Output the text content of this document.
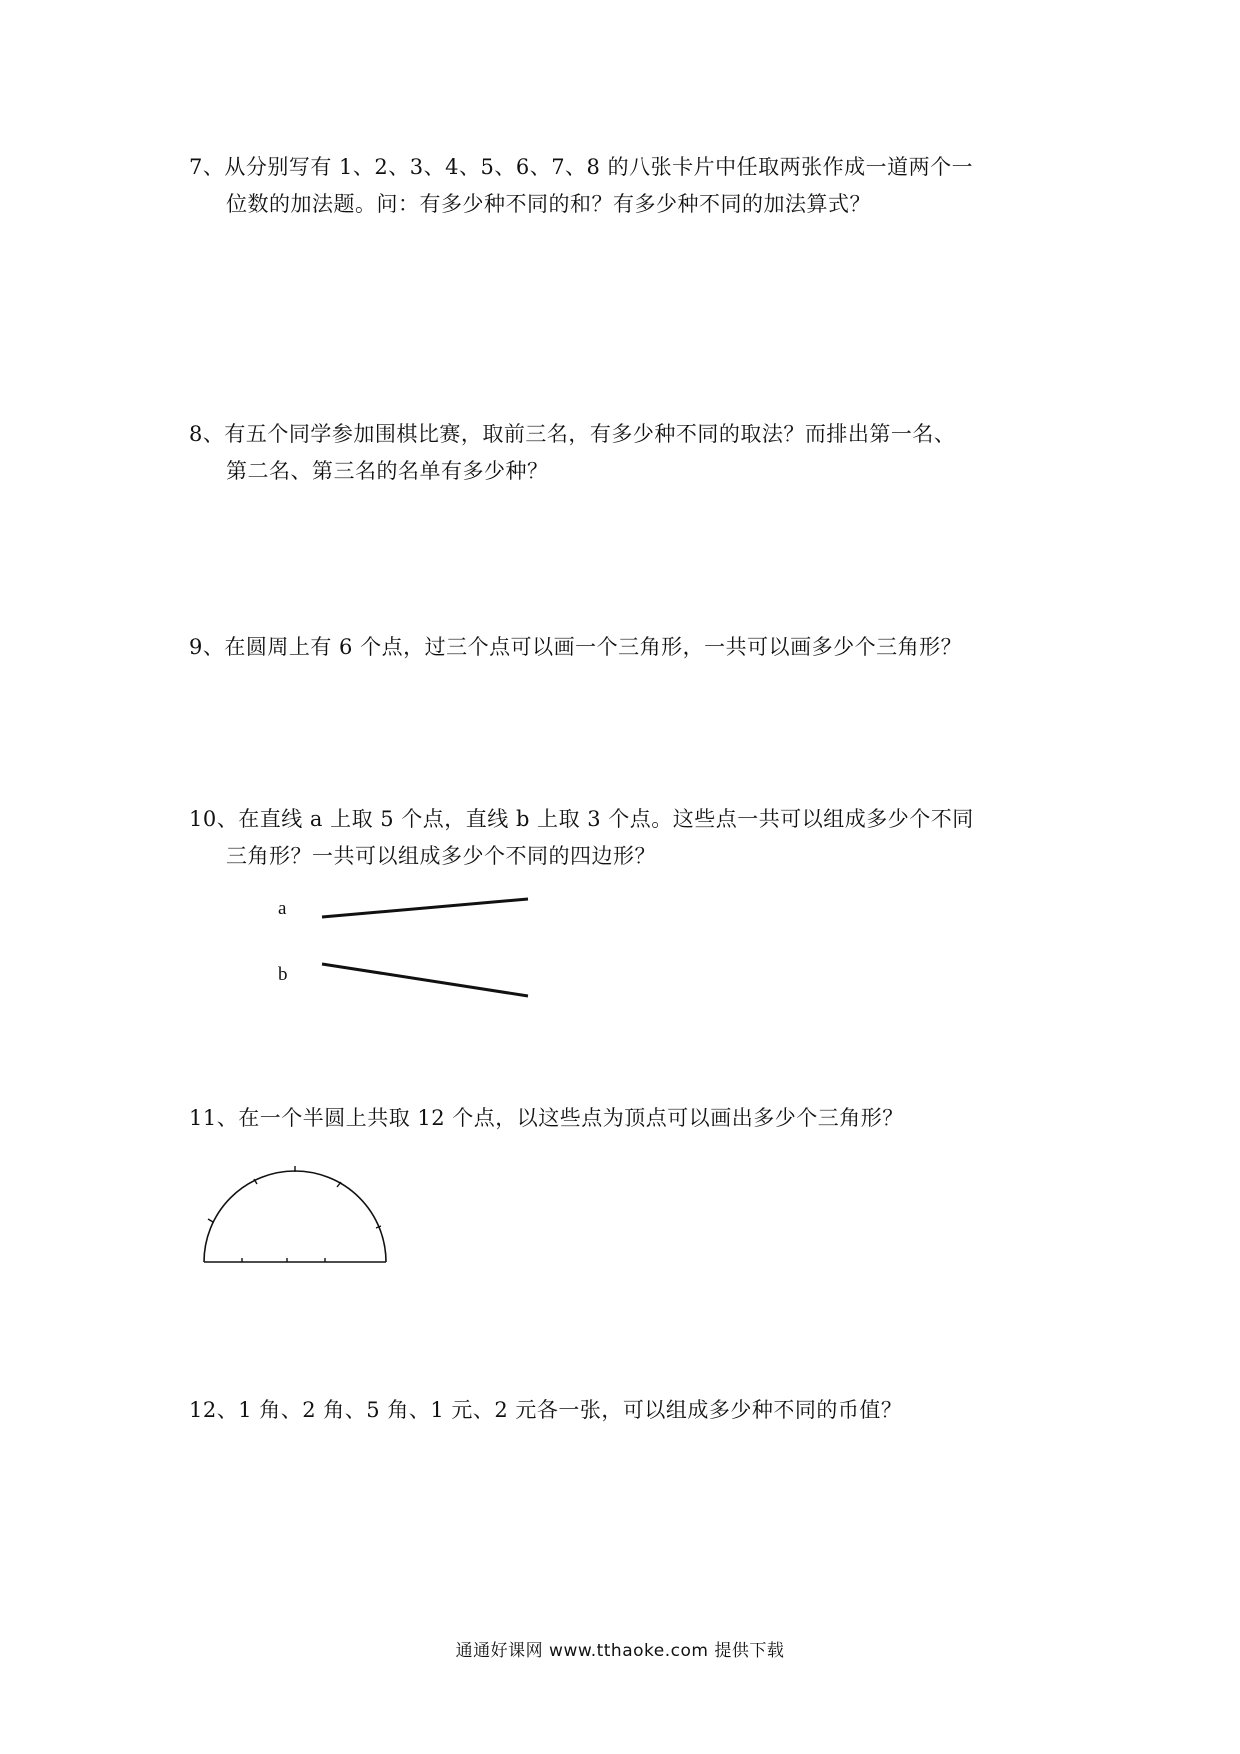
7、从分别写有 1、2、3、4、5、6、7、8 的八张卡片中任取两张作成一道两个一
位数的加法题。问：有多少种不同的和？有多少种不同的加法算式？
8、有五个同学参加围棋比赛，取前三名，有多少种不同的取法？而排出第一名、
第二名、第三名的名单有多少种？
9、在圆周上有 6 个点，过三个点可以画一个三角形，一共可以画多少个三角形？
10、在直线 a 上取 5 个点，直线 b 上取 3 个点。这些点一共可以组成多少个不同
三角形？一共可以组成多少个不同的四边形？
a
b
11、在一个半圆上共取 12 个点，以这些点为顶点可以画出多少个三角形？
12、1 角、2 角、5 角、1 元、2 元各一张，可以组成多少种不同的币值？
通通好课网 www.tthaoke.com 提供下载
